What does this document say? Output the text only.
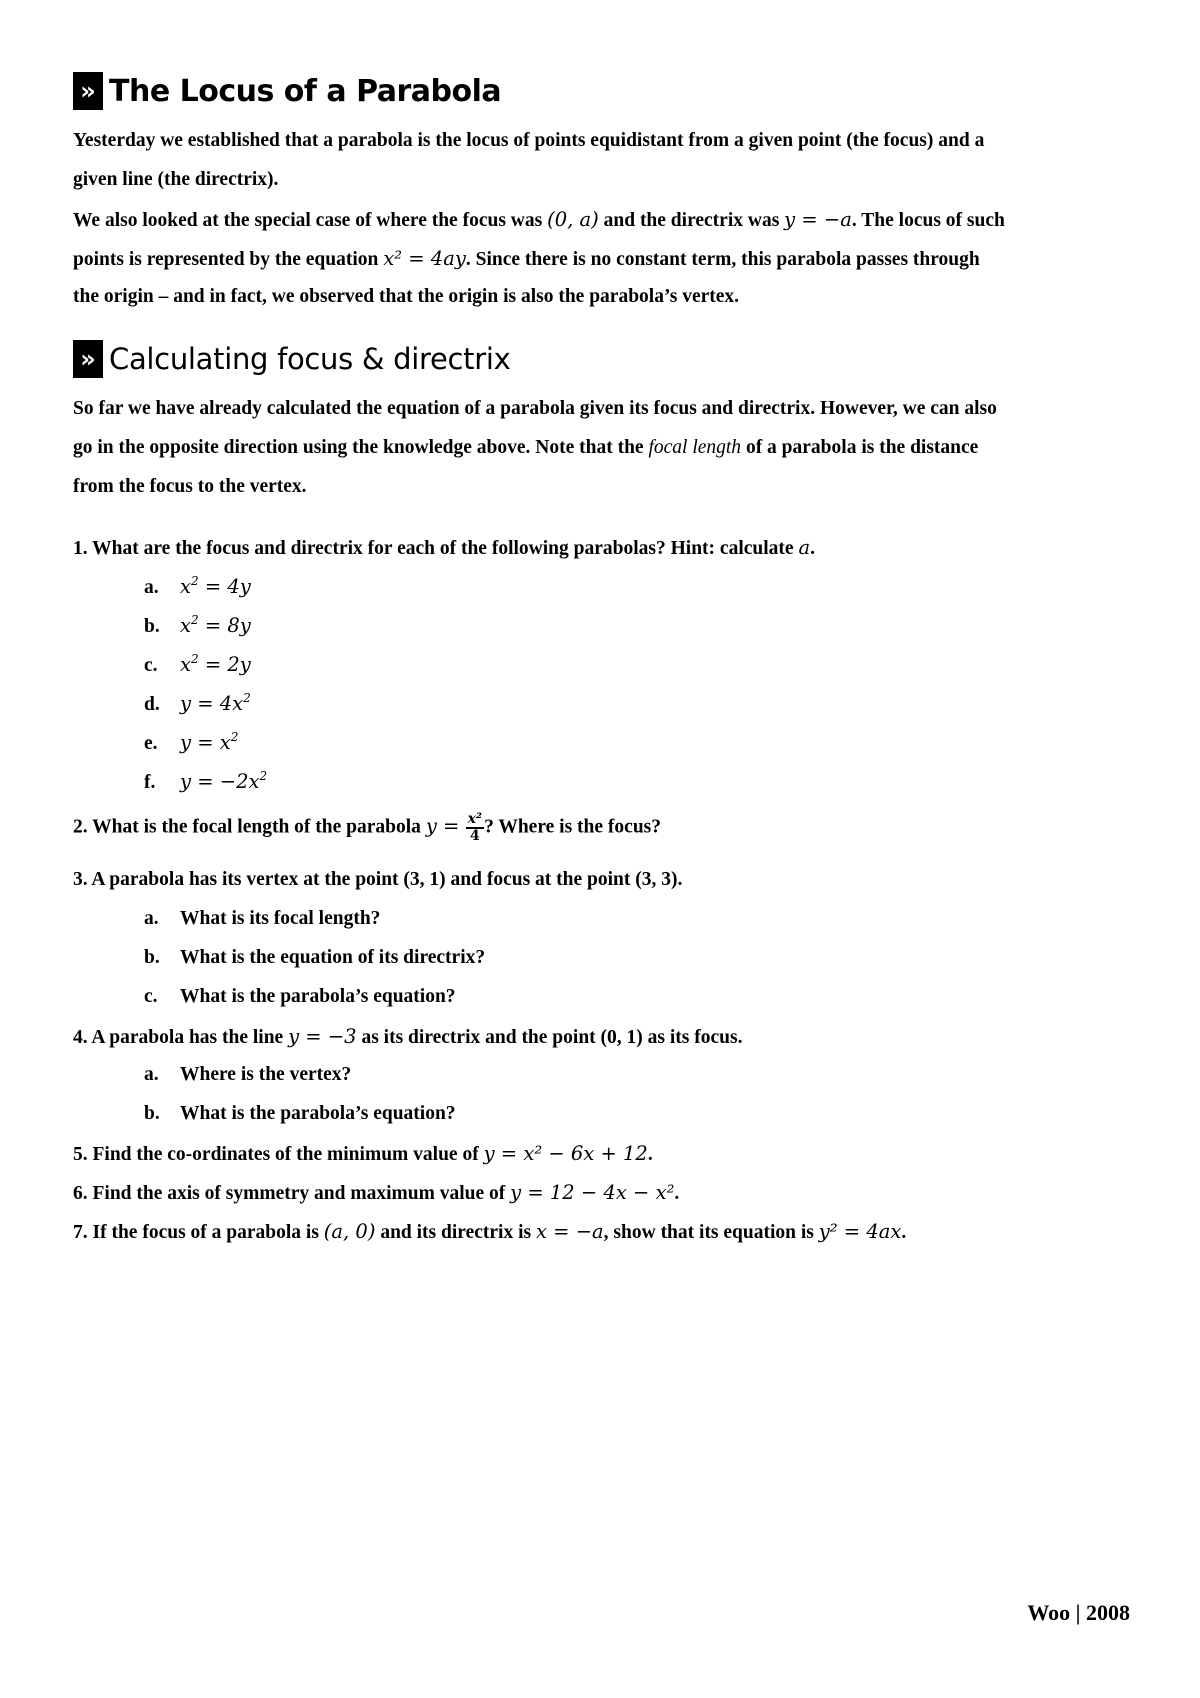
» The Locus of a Parabola
Yesterday we established that a parabola is the locus of points equidistant from a given point (the focus) and a
given line (the directrix).
We also looked at the special case of where the focus was (0, a) and the directrix was y = −a. The locus of such
points is represented by the equation x² = 4ay. Since there is no constant term, this parabola passes through
the origin – and in fact, we observed that the origin is also the parabola’s vertex.
» Calculating focus & directrix
So far we have already calculated the equation of a parabola given its focus and directrix. However, we can also
go in the opposite direction using the knowledge above. Note that the focal length of a parabola is the distance
from the focus to the vertex.
1. What are the focus and directrix for each of the following parabolas? Hint: calculate a.
a. $x^2 = 4y$
b. $x^2 = 8y$
c. $x^2 = 2y$
d. $y = 4x^2$
e. $y = x^2$
f. $y = -2x^2$
2. What is the focal length of the parabola $y = \frac{\text{x²}}{4}$ ? Where is the focus?
3. A parabola has its vertex at the point (3, 1) and focus at the point (3, 3).
a. What is its focal length?
b. What is the equation of its directrix?
c. What is the parabola’s equation?
4. A parabola has the line y = −3 as its directrix and the point (0, 1) as its focus.
a. Where is the vertex?
b. What is the parabola’s equation?
5. Find the co-ordinates of the minimum value of y = x² − 6x + 12.
6. Find the axis of symmetry and maximum value of y = 12 − 4x − x².
7. If the focus of a parabola is (a, 0) and its directrix is x = −a, show that its equation is y² = 4ax.
Woo | 2008
